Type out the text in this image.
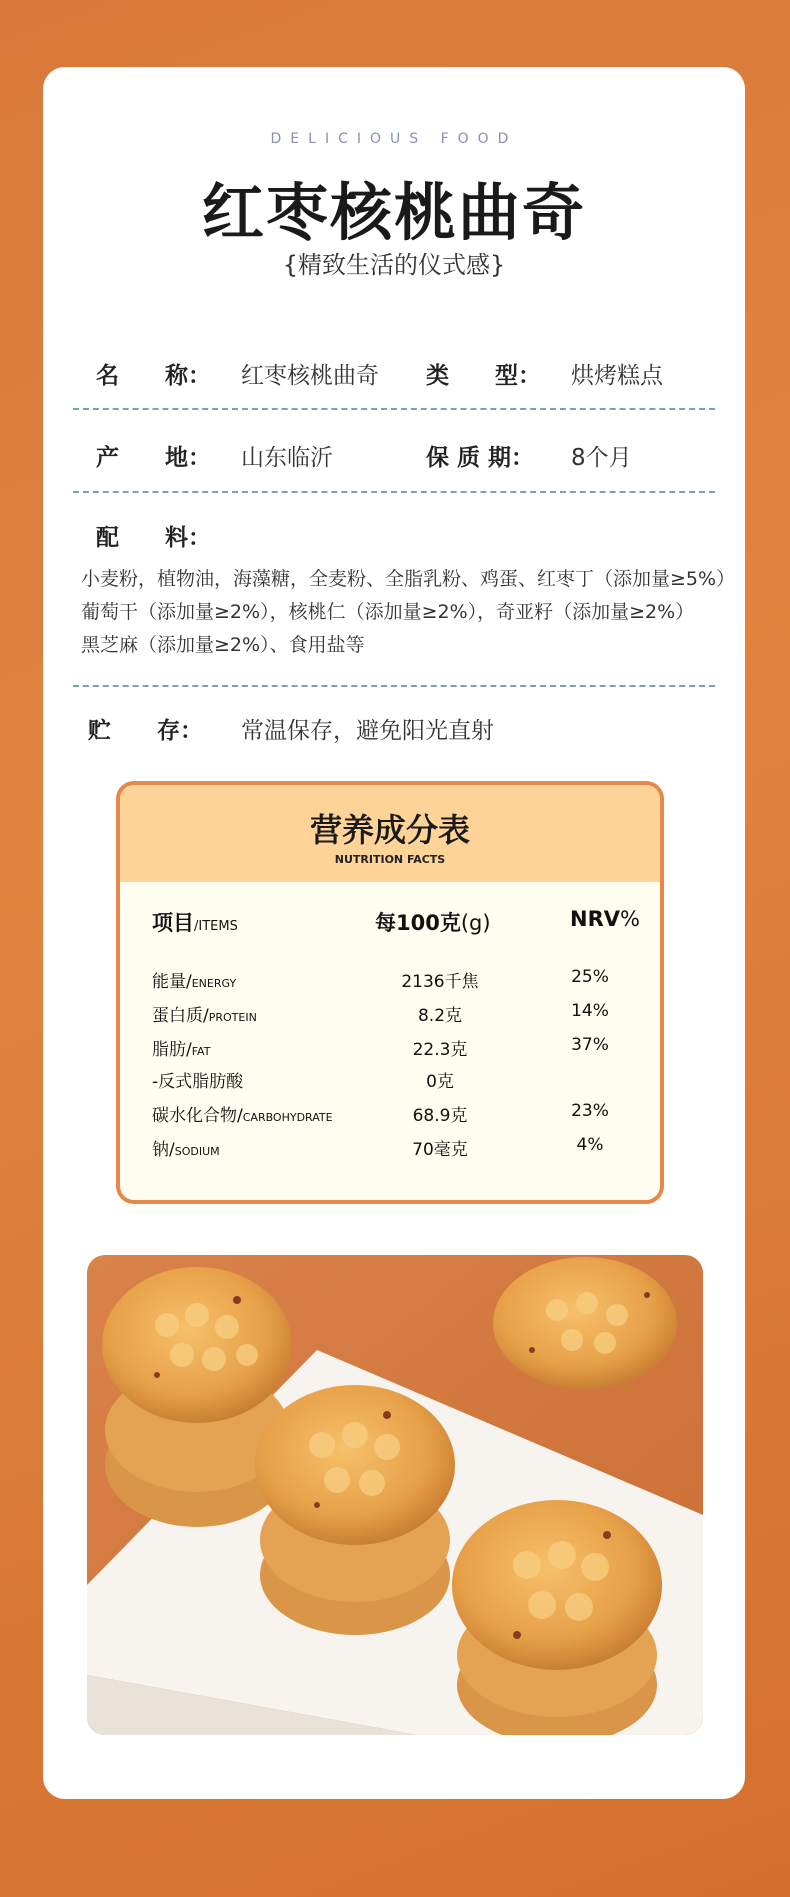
DELICIOUS FOOD
红枣核桃曲奇
{精致生活的仪式感}
名　　称： 红枣核桃曲奇 类　　型： 烘烤糕点
产　　地： 山东临沂	保 质 期： 8个月
配　　料：
小麦粉，植物油，海藻糖，全麦粉、全脂乳粉、鸡蛋、红枣丁（添加量≥5%）
葡萄干（添加量≥2%），核桃仁（添加量≥2%），奇亚籽（添加量≥2%）
黑芝麻（添加量≥2%）、食用盐等
贮　　存： 常温保存，避免阳光直射
营养成分表
NUTRITION FACTS
项目/ITEMS	每100克(g)	NRV%
能量/ENERGY	2136千焦	25%
蛋白质/PROTEIN	8.2克	14%
脂肪/FAT	22.3克	37%
-反式脂肪酸	0克
碳水化合物/CARBOHYDRATE	68.9克	23%
钠/SODIUM	70毫克	4%
